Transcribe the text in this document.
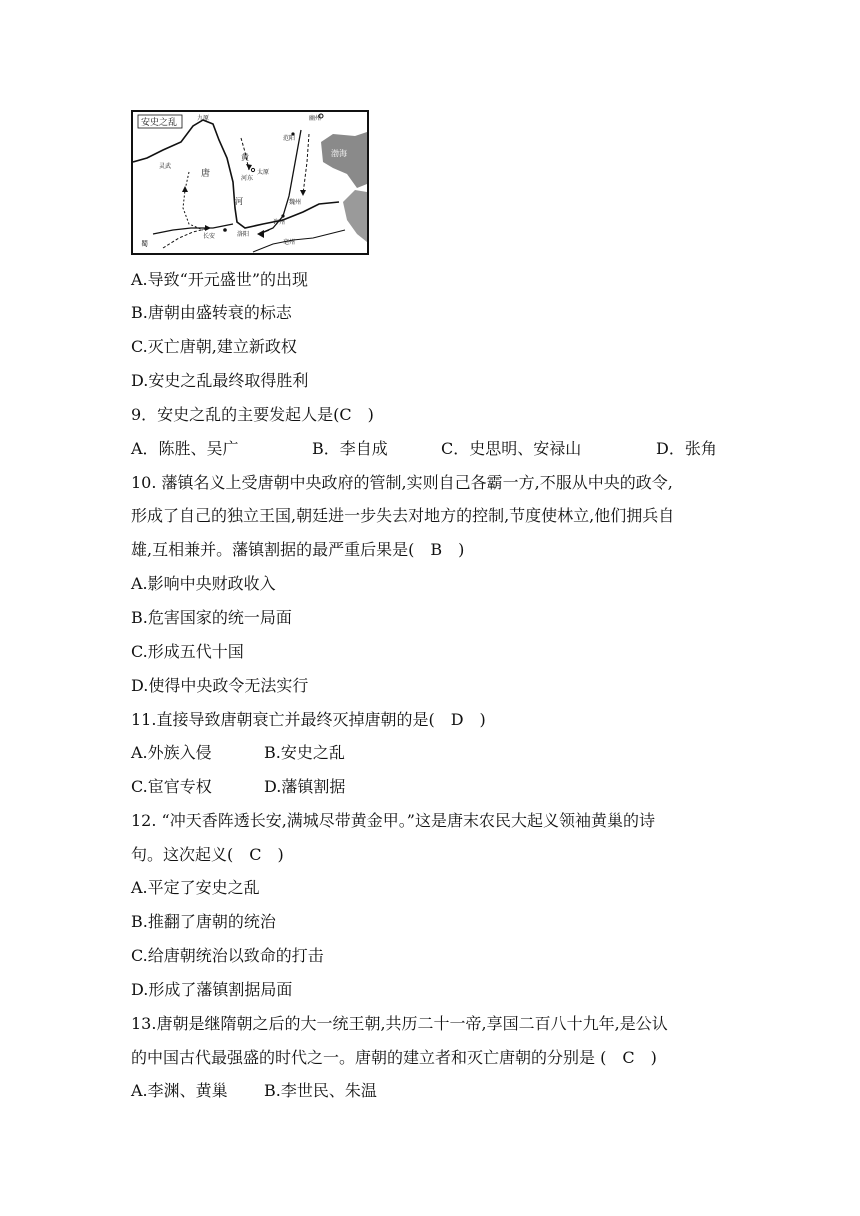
安史之乱	九原	幽州
渤海
唐
河
黄
太原
灵武
范阳
河东
洛阳
长安
魏州
许州
亳州
蜀
A.导致“开元盛世”的出现
B.唐朝由盛转衰的标志
C.灭亡唐朝,建立新政权
D.安史之乱最终取得胜利
9．安史之乱的主要发起人是(C　)
A．陈胜、吴广	B．李自成	C．史思明、安禄山	D．张角
10. 藩镇名义上受唐朝中央政府的管制,实则自己各霸一方,不服从中央的政令,
形成了自己的独立王国,朝廷进一步失去对地方的控制,节度使林立,他们拥兵自
雄,互相兼并。藩镇割据的最严重后果是(　B　)
A.影响中央财政收入
B.危害国家的统一局面
C.形成五代十国
D.使得中央政令无法实行
11.直接导致唐朝衰亡并最终灭掉唐朝的是(　D　)
A.外族入侵	B.安史之乱
C.宦官专权	D.藩镇割据
12. “冲天香阵透长安,满城尽带黄金甲。”这是唐末农民大起义领袖黄巢的诗
句。这次起义(　C　)
A.平定了安史之乱
B.推翻了唐朝的统治
C.给唐朝统治以致命的打击
D.形成了藩镇割据局面
13.唐朝是继隋朝之后的大一统王朝,共历二十一帝,享国二百八十九年,是公认
的中国古代最强盛的时代之一。唐朝的建立者和灭亡唐朝的分别是 (　C　)
A.李渊、黄巢 B.李世民、朱温
